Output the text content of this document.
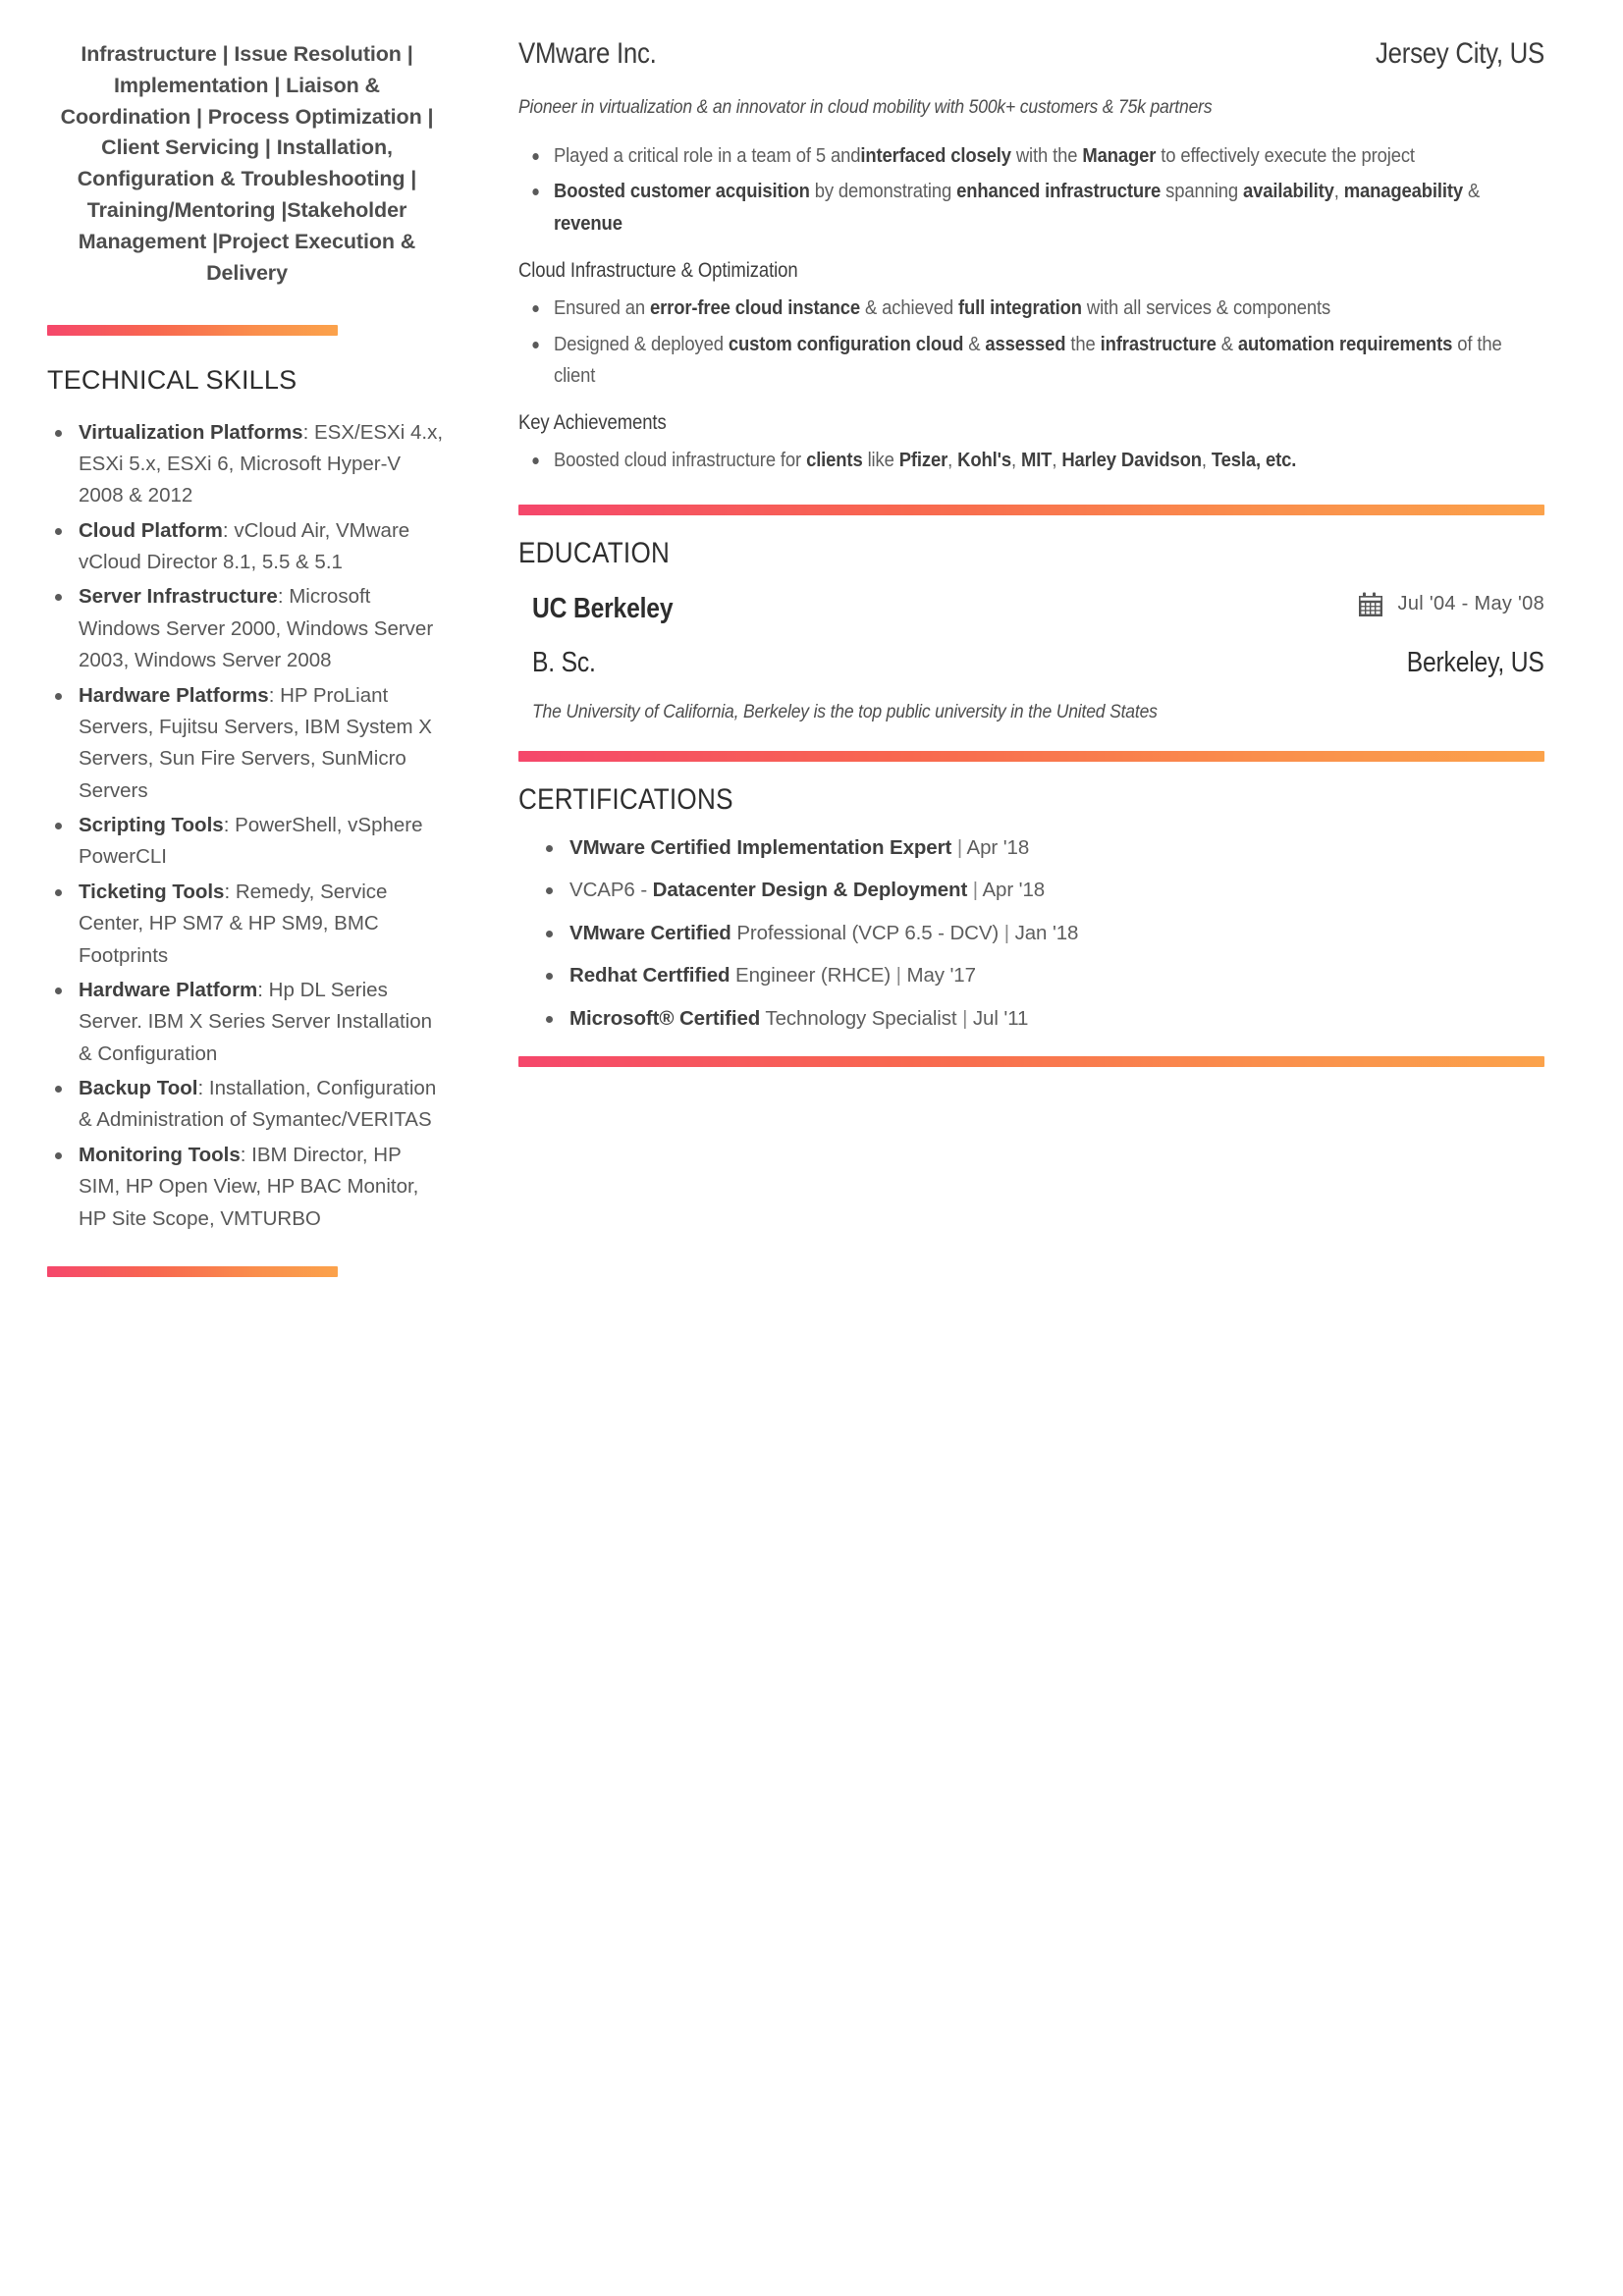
Infrastructure | Issue Resolution | Implementation | Liaison & Coordination | Process Optimization | Client Servicing | Installation, Configuration & Troubleshooting | Training/Mentoring |Stakeholder Management |Project Execution & Delivery
TECHNICAL SKILLS
Virtualization Platforms: ESX/ESXi 4.x, ESXi 5.x, ESXi 6, Microsoft Hyper-V 2008 & 2012
Cloud Platform: vCloud Air, VMware vCloud Director 8.1, 5.5 & 5.1
Server Infrastructure: Microsoft Windows Server 2000, Windows Server 2003, Windows Server 2008
Hardware Platforms: HP ProLiant Servers, Fujitsu Servers, IBM System X Servers, Sun Fire Servers, SunMicro Servers
Scripting Tools: PowerShell, vSphere PowerCLI
Ticketing Tools: Remedy, Service Center, HP SM7 & HP SM9, BMC Footprints
Hardware Platform: Hp DL Series Server. IBM X Series Server Installation & Configuration
Backup Tool: Installation, Configuration & Administration of Symantec/VERITAS
Monitoring Tools: IBM Director, HP SIM, HP Open View, HP BAC Monitor, HP Site Scope, VMTURBO
VMware Inc.	Jersey City, US
Pioneer in virtualization & an innovator in cloud mobility with 500k+ customers & 75k partners
Played a critical role in a team of 5 andinterfaced closely with the Manager to effectively execute the project
Boosted customer acquisition by demonstrating enhanced infrastructure spanning availability, manageability & revenue
Cloud Infrastructure & Optimization
Ensured an error-free cloud instance & achieved full integration with all services & components
Designed & deployed custom configuration cloud & assessed the infrastructure & automation requirements of the client
Key Achievements
Boosted cloud infrastructure for clients like Pfizer, Kohl's, MIT, Harley Davidson, Tesla, etc.
EDUCATION
UC Berkeley	Jul '04 - May '08
B. Sc.	Berkeley, US
The University of California, Berkeley is the top public university in the United States
CERTIFICATIONS
VMware Certified Implementation Expert | Apr '18
VCAP6 - Datacenter Design & Deployment | Apr '18
VMware Certified Professional (VCP 6.5 - DCV) | Jan '18
Redhat Certfified Engineer (RHCE) | May '17
Microsoft® Certified Technology Specialist | Jul '11
